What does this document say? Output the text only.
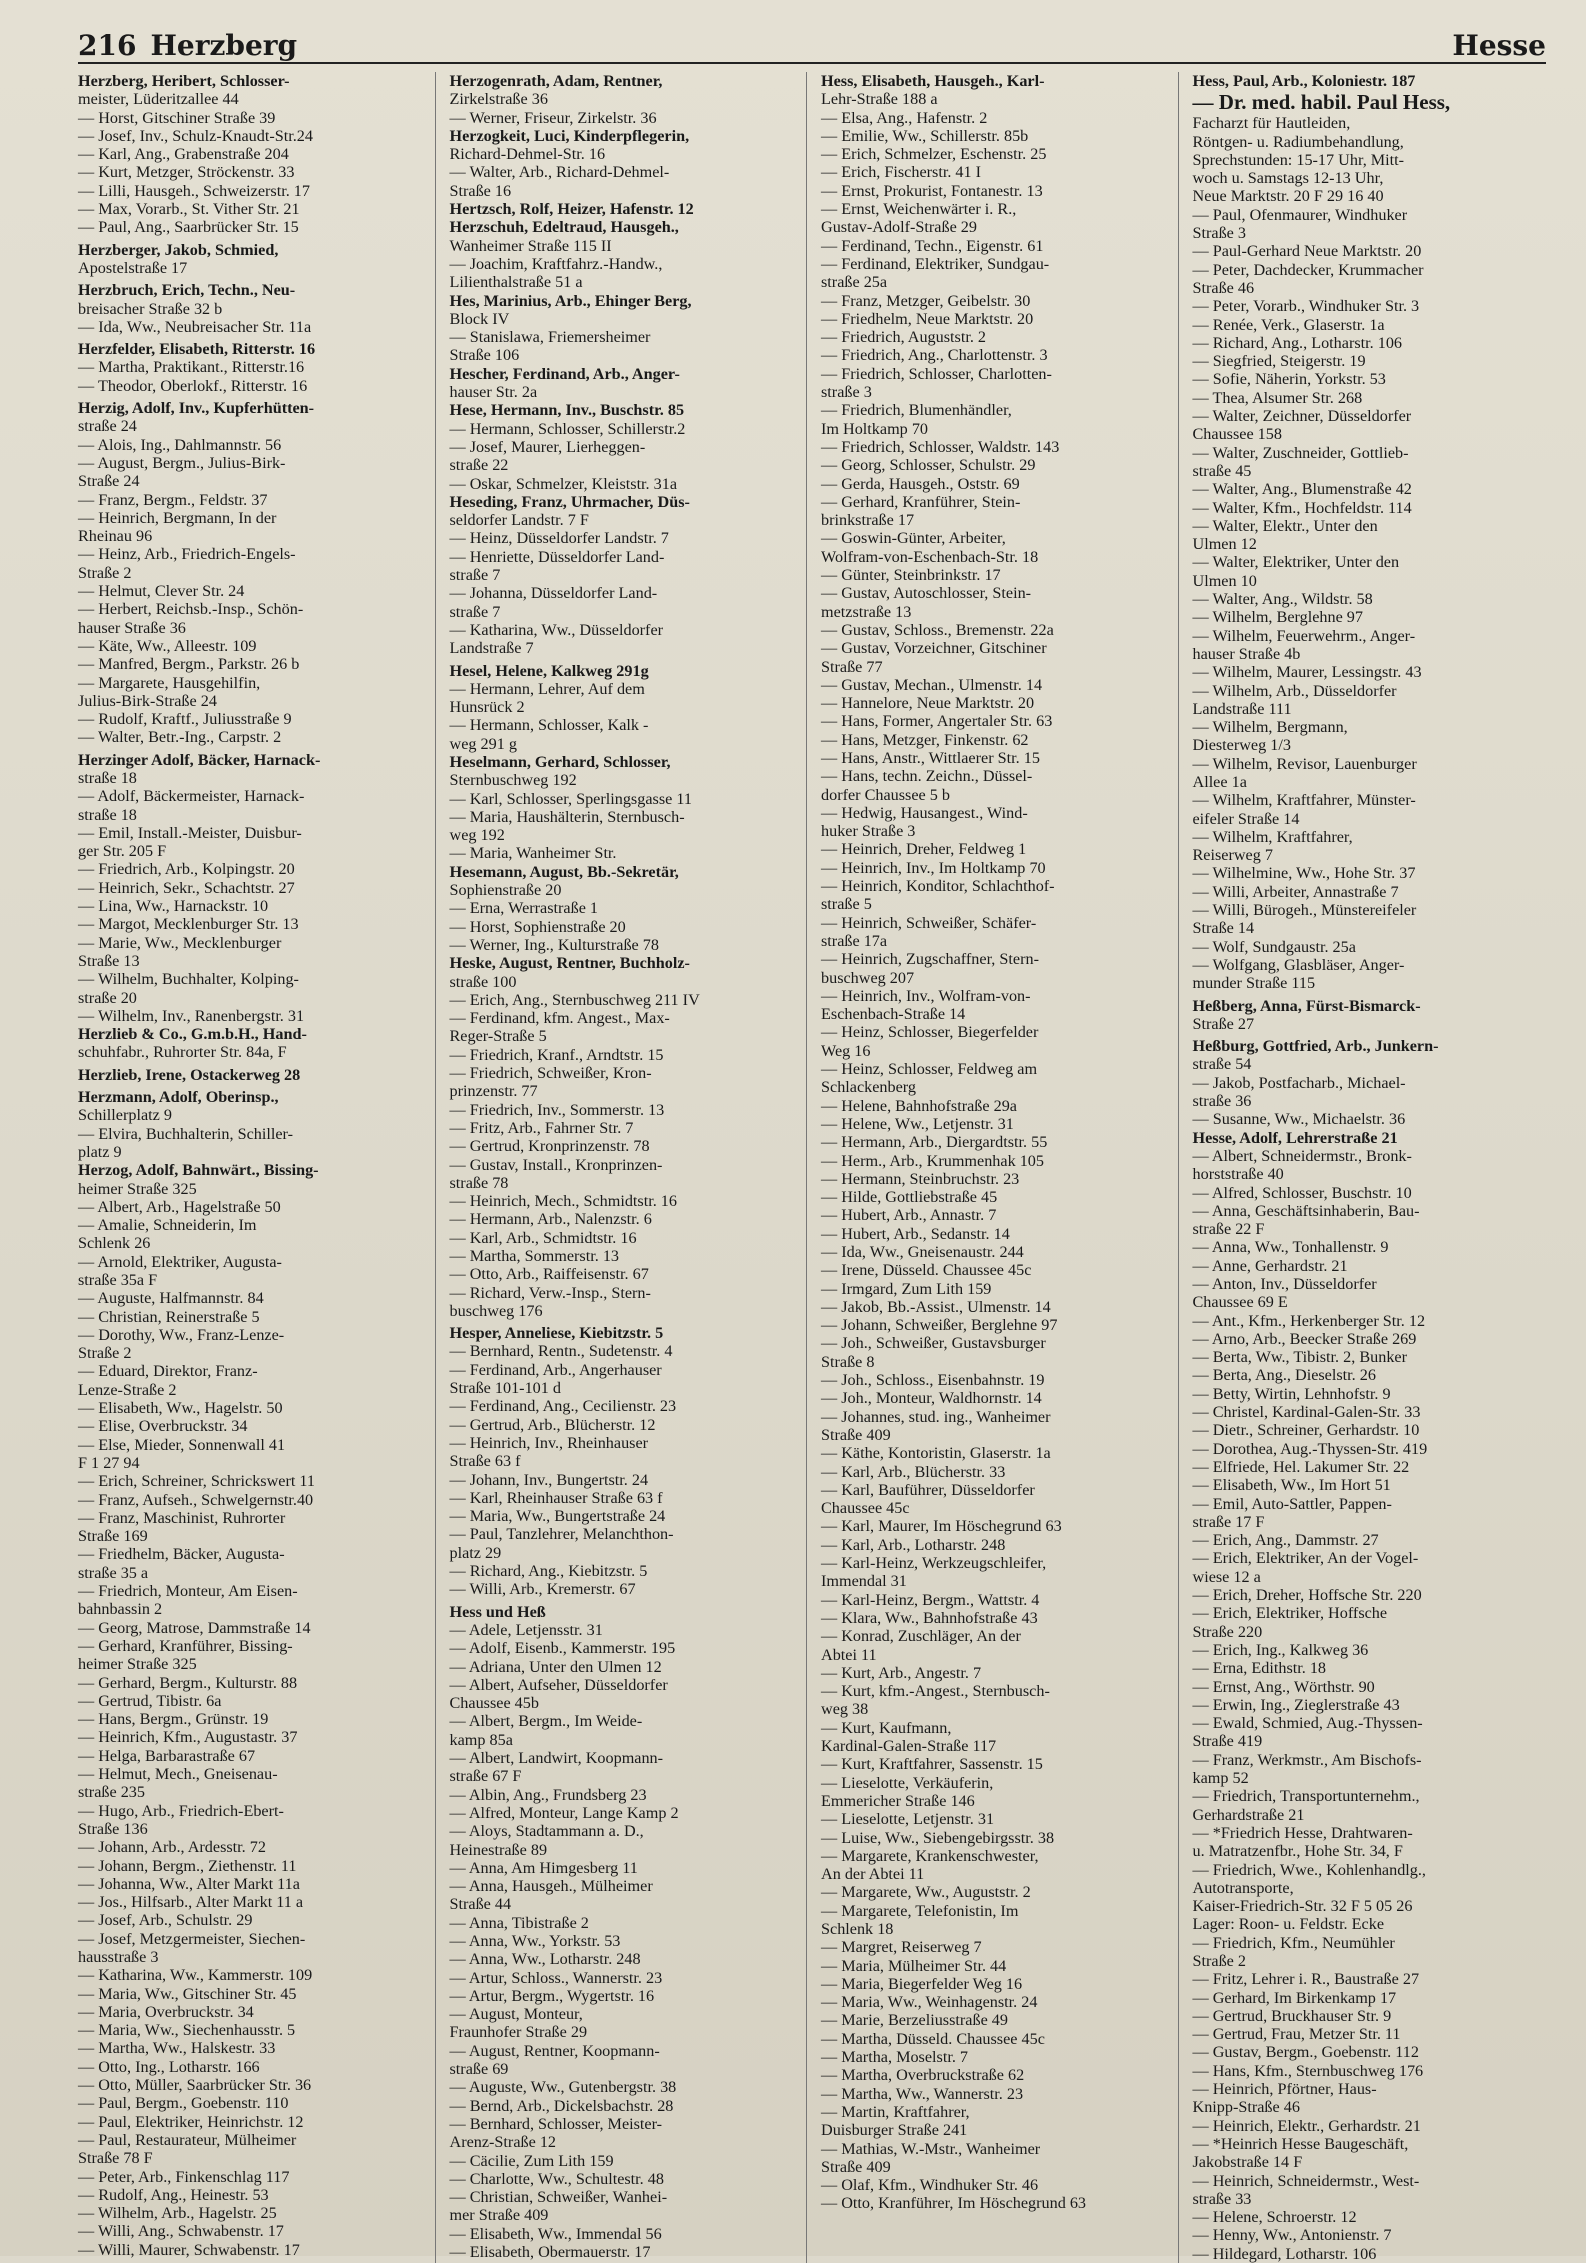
216 Herzberg	Hesse

Herzberg, Heribert, Schlosser-

meister, Lüderitzallee 44

— Horst, Gitschiner Straße 39

— Josef, Inv., Schulz-Knaudt-Str.24

— Karl, Ang., Grabenstraße 204

— Kurt, Metzger, Ströckenstr. 33

— Lilli, Hausgeh., Schweizerstr. 17

— Max, Vorarb., St. Vither Str. 21

— Paul, Ang., Saarbrücker Str. 15

Herzberger, Jakob, Schmied,

Apostelstraße 17

Herzbruch, Erich, Techn., Neu-

breisacher Straße 32 b

— Ida, Ww., Neubreisacher Str. 11a

Herzfelder, Elisabeth, Ritterstr. 16

— Martha, Praktikant., Ritterstr.16

— Theodor, Oberlokf., Ritterstr. 16

Herzig, Adolf, Inv., Kupferhütten-

straße 24

— Alois, Ing., Dahlmannstr. 56

— August, Bergm., Julius-Birk-

Straße 24

— Franz, Bergm., Feldstr. 37

— Heinrich, Bergmann, In der

Rheinau 96

— Heinz, Arb., Friedrich-Engels-

Straße 2

— Helmut, Clever Str. 24

— Herbert, Reichsb.-Insp., Schön-

hauser Straße 36

— Käte, Ww., Alleestr. 109

— Manfred, Bergm., Parkstr. 26 b

— Margarete, Hausgehilfin,

Julius-Birk-Straße 24

— Rudolf, Kraftf., Juliusstraße 9

— Walter, Betr.-Ing., Carpstr. 2

Herzinger Adolf, Bäcker, Harnack-

straße 18

— Adolf, Bäckermeister, Harnack-

straße 18

— Emil, Install.-Meister, Duisbur-

ger Str. 205 F

— Friedrich, Arb., Kolpingstr. 20

— Heinrich, Sekr., Schachtstr. 27

— Lina, Ww., Harnackstr. 10

— Margot, Mecklenburger Str. 13

— Marie, Ww., Mecklenburger

Straße 13

— Wilhelm, Buchhalter, Kolping-

straße 20

— Wilhelm, Inv., Ranenbergstr. 31

Herzlieb & Co., G.m.b.H., Hand-

schuhfabr., Ruhrorter Str. 84a, F

Herzlieb, Irene, Ostackerweg 28

Herzmann, Adolf, Oberinsp.,

Schillerplatz 9

— Elvira, Buchhalterin, Schiller-

platz 9

Herzog, Adolf, Bahnwärt., Bissing-

heimer Straße 325

— Albert, Arb., Hagelstraße 50

— Amalie, Schneiderin, Im

Schlenk 26

— Arnold, Elektriker, Augusta-

straße 35a F

— Auguste, Halfmannstr. 84

— Christian, Reinerstraße 5

— Dorothy, Ww., Franz-Lenze-

Straße 2

— Eduard, Direktor, Franz-

Lenze-Straße 2

— Elisabeth, Ww., Hagelstr. 50

— Elise, Overbruckstr. 34

— Else, Mieder, Sonnenwall 41

F 1 27 94

— Erich, Schreiner, Schrickswert 11

— Franz, Aufseh., Schwelgernstr.40

— Franz, Maschinist, Ruhrorter

Straße 169

— Friedhelm, Bäcker, Augusta-

straße 35 a

— Friedrich, Monteur, Am Eisen-

bahnbassin 2

— Georg, Matrose, Dammstraße 14

— Gerhard, Kranführer, Bissing-

heimer Straße 325

— Gerhard, Bergm., Kulturstr. 88

— Gertrud, Tibistr. 6a

— Hans, Bergm., Grünstr. 19

— Heinrich, Kfm., Augustastr. 37

— Helga, Barbarastraße 67

— Helmut, Mech., Gneisenau-

straße 235

— Hugo, Arb., Friedrich-Ebert-

Straße 136

— Johann, Arb., Ardesstr. 72

— Johann, Bergm., Ziethenstr. 11

— Johanna, Ww., Alter Markt 11a

— Jos., Hilfsarb., Alter Markt 11 a

— Josef, Arb., Schulstr. 29

— Josef, Metzgermeister, Siechen-

hausstraße 3

— Katharina, Ww., Kammerstr. 109

— Maria, Ww., Gitschiner Str. 45

— Maria, Overbruckstr. 34

— Maria, Ww., Siechenhausstr. 5

— Martha, Ww., Halskestr. 33

— Otto, Ing., Lotharstr. 166

— Otto, Müller, Saarbrücker Str. 36

— Paul, Bergm., Goebenstr. 110

— Paul, Elektriker, Heinrichstr. 12

— Paul, Restaurateur, Mülheimer

Straße 78 F

— Peter, Arb., Finkenschlag 117

— Rudolf, Ang., Heinestr. 53

— Wilhelm, Arb., Hagelstr. 25

— Willi, Ang., Schwabenstr. 17

— Willi, Maurer, Schwabenstr. 17

Herzogenrath, Adam, Rentner,

Zirkelstraße 36

— Werner, Friseur, Zirkelstr. 36

Herzogkeit, Luci, Kinderpflegerin,

Richard-Dehmel-Str. 16

— Walter, Arb., Richard-Dehmel-

Straße 16

Hertzsch, Rolf, Heizer, Hafenstr. 12

Herzschuh, Edeltraud, Hausgeh.,

Wanheimer Straße 115 II

— Joachim, Kraftfahrz.-Handw.,

Lilienthalstraße 51 a

Hes, Marinius, Arb., Ehinger Berg,

Block IV

— Stanislawa, Friemersheimer

Straße 106

Hescher, Ferdinand, Arb., Anger-

hauser Str. 2a

Hese, Hermann, Inv., Buschstr. 85

— Hermann, Schlosser, Schillerstr.2

— Josef, Maurer, Lierheggen-

straße 22

— Oskar, Schmelzer, Kleiststr. 31a

Heseding, Franz, Uhrmacher, Düs-

seldorfer Landstr. 7 F

— Heinz, Düsseldorfer Landstr. 7

— Henriette, Düsseldorfer Land-

straße 7

— Johanna, Düsseldorfer Land-

straße 7

— Katharina, Ww., Düsseldorfer

Landstraße 7

Hesel, Helene, Kalkweg 291g

— Hermann, Lehrer, Auf dem

Hunsrück 2

— Hermann, Schlosser, Kalk -

weg 291 g

Heselmann, Gerhard, Schlosser,

Sternbuschweg 192

— Karl, Schlosser, Sperlingsgasse 11

— Maria, Haushälterin, Sternbusch-

weg 192

— Maria, Wanheimer Str.

Hesemann, August, Bb.-Sekretär,

Sophienstraße 20

— Erna, Werrastraße 1

— Horst, Sophienstraße 20

— Werner, Ing., Kulturstraße 78

Heske, August, Rentner, Buchholz-

straße 100

— Erich, Ang., Sternbuschweg 211 IV

— Ferdinand, kfm. Angest., Max-

Reger-Straße 5

— Friedrich, Kranf., Arndtstr. 15

— Friedrich, Schweißer, Kron-

prinzenstr. 77

— Friedrich, Inv., Sommerstr. 13

— Fritz, Arb., Fahrner Str. 7

— Gertrud, Kronprinzenstr. 78

— Gustav, Install., Kronprinzen-

straße 78

— Heinrich, Mech., Schmidtstr. 16

— Hermann, Arb., Nalenzstr. 6

— Karl, Arb., Schmidtstr. 16

— Martha, Sommerstr. 13

— Otto, Arb., Raiffeisenstr. 67

— Richard, Verw.-Insp., Stern-

buschweg 176

Hesper, Anneliese, Kiebitzstr. 5

— Bernhard, Rentn., Sudetenstr. 4

— Ferdinand, Arb., Angerhauser

Straße 101-101 d

— Ferdinand, Ang., Cecilienstr. 23

— Gertrud, Arb., Blücherstr. 12

— Heinrich, Inv., Rheinhauser

Straße 63 f

— Johann, Inv., Bungertstr. 24

— Karl, Rheinhauser Straße 63 f

— Maria, Ww., Bungertstraße 24

— Paul, Tanzlehrer, Melanchthon-

platz 29

— Richard, Ang., Kiebitzstr. 5

— Willi, Arb., Kremerstr. 67

Hess und Heß

— Adele, Letjensstr. 31

— Adolf, Eisenb., Kammerstr. 195

— Adriana, Unter den Ulmen 12

— Albert, Aufseher, Düsseldorfer

Chaussee 45b

— Albert, Bergm., Im Weide-

kamp 85a

— Albert, Landwirt, Koopmann-

straße 67 F

— Albin, Ang., Frundsberg 23

— Alfred, Monteur, Lange Kamp 2

— Aloys, Stadtammann a. D.,

Heinestraße 89

— Anna, Am Himgesberg 11

— Anna, Hausgeh., Mülheimer

Straße 44

— Anna, Tibistraße 2

— Anna, Ww., Yorkstr. 53

— Anna, Ww., Lotharstr. 248

— Artur, Schloss., Wannerstr. 23

— Artur, Bergm., Wygertstr. 16

— August, Monteur,

Fraunhofer Straße 29

— August, Rentner, Koopmann-

straße 69

— Auguste, Ww., Gutenbergstr. 38

— Bernd, Arb., Dickelsbachstr. 28

— Bernhard, Schlosser, Meister-

Arenz-Straße 12

— Cäcilie, Zum Lith 159

— Charlotte, Ww., Schultestr. 48

— Christian, Schweißer, Wanhei-

mer Straße 409

— Elisabeth, Ww., Immendal 56

— Elisabeth, Obermauerstr. 17

Hess, Elisabeth, Hausgeh., Karl-

Lehr-Straße 188 a

— Elsa, Ang., Hafenstr. 2

— Emilie, Ww., Schillerstr. 85b

— Erich, Schmelzer, Eschenstr. 25

— Erich, Fischerstr. 41 I

— Ernst, Prokurist, Fontanestr. 13

— Ernst, Weichenwärter i. R.,

Gustav-Adolf-Straße 29

— Ferdinand, Techn., Eigenstr. 61

— Ferdinand, Elektriker, Sundgau-

straße 25a

— Franz, Metzger, Geibelstr. 30

— Friedhelm, Neue Marktstr. 20

— Friedrich, Auguststr. 2

— Friedrich, Ang., Charlottenstr. 3

— Friedrich, Schlosser, Charlotten-

straße 3

— Friedrich, Blumenhändler,

Im Holtkamp 70

— Friedrich, Schlosser, Waldstr. 143

— Georg, Schlosser, Schulstr. 29

— Gerda, Hausgeh., Oststr. 69

— Gerhard, Kranführer, Stein-

brinkstraße 17

— Goswin-Günter, Arbeiter,

Wolfram-von-Eschenbach-Str. 18

— Günter, Steinbrinkstr. 17

— Gustav, Autoschlosser, Stein-

metzstraße 13

— Gustav, Schloss., Bremenstr. 22a

— Gustav, Vorzeichner, Gitschiner

Straße 77

— Gustav, Mechan., Ulmenstr. 14

— Hannelore, Neue Marktstr. 20

— Hans, Former, Angertaler Str. 63

— Hans, Metzger, Finkenstr. 62

— Hans, Anstr., Wittlaerer Str. 15

— Hans, techn. Zeichn., Düssel-

dorfer Chaussee 5 b

— Hedwig, Hausangest., Wind-

huker Straße 3

— Heinrich, Dreher, Feldweg 1

— Heinrich, Inv., Im Holtkamp 70

— Heinrich, Konditor, Schlachthof-

straße 5

— Heinrich, Schweißer, Schäfer-

straße 17a

— Heinrich, Zugschaffner, Stern-

buschweg 207

— Heinrich, Inv., Wolfram-von-

Eschenbach-Straße 14

— Heinz, Schlosser, Biegerfelder

Weg 16

— Heinz, Schlosser, Feldweg am

Schlackenberg

— Helene, Bahnhofstraße 29a

— Helene, Ww., Letjenstr. 31

— Hermann, Arb., Diergardtstr. 55

— Herm., Arb., Krummenhak 105

— Hermann, Steinbruchstr. 23

— Hilde, Gottliebstraße 45

— Hubert, Arb., Annastr. 7

— Hubert, Arb., Sedanstr. 14

— Ida, Ww., Gneisenaustr. 244

— Irene, Düsseld. Chaussee 45c

— Irmgard, Zum Lith 159

— Jakob, Bb.-Assist., Ulmenstr. 14

— Johann, Schweißer, Berglehne 97

— Joh., Schweißer, Gustavsburger

Straße 8

— Joh., Schloss., Eisenbahnstr. 19

— Joh., Monteur, Waldhornstr. 14

— Johannes, stud. ing., Wanheimer

Straße 409

— Käthe, Kontoristin, Glaserstr. 1a

— Karl, Arb., Blücherstr. 33

— Karl, Bauführer, Düsseldorfer

Chaussee 45c

— Karl, Maurer, Im Höschegrund 63

— Karl, Arb., Lotharstr. 248

— Karl-Heinz, Werkzeugschleifer,

Immendal 31

— Karl-Heinz, Bergm., Wattstr. 4

— Klara, Ww., Bahnhofstraße 43

— Konrad, Zuschläger, An der

Abtei 11

— Kurt, Arb., Angestr. 7

— Kurt, kfm.-Angest., Sternbusch-

weg 38

— Kurt, Kaufmann,

Kardinal-Galen-Straße 117

— Kurt, Kraftfahrer, Sassenstr. 15

— Lieselotte, Verkäuferin,

Emmericher Straße 146

— Lieselotte, Letjenstr. 31

— Luise, Ww., Siebengebirgsstr. 38

— Margarete, Krankenschwester,

An der Abtei 11

— Margarete, Ww., Auguststr. 2

— Margarete, Telefonistin, Im

Schlenk 18

— Margret, Reiserweg 7

— Maria, Mülheimer Str. 44

— Maria, Biegerfelder Weg 16

— Maria, Ww., Weinhagenstr. 24

— Marie, Berzeliusstraße 49

— Martha, Düsseld. Chaussee 45c

— Martha, Moselstr. 7

— Martha, Overbruckstraße 62

— Martha, Ww., Wannerstr. 23

— Martin, Kraftfahrer,

Duisburger Straße 241

— Mathias, W.-Mstr., Wanheimer

Straße 409

— Olaf, Kfm., Windhuker Str. 46

— Otto, Kranführer, Im Höschegrund 63

Hess, Paul, Arb., Koloniestr. 187

— Dr. med. habil. Paul Hess,

Facharzt für Hautleiden,

Röntgen- u. Radiumbehandlung,

Sprechstunden: 15-17 Uhr, Mitt-

woch u. Samstags 12-13 Uhr,

Neue Marktstr. 20 F 29 16 40

— Paul, Ofenmaurer, Windhuker

Straße 3

— Paul-Gerhard Neue Marktstr. 20

— Peter, Dachdecker, Krummacher

Straße 46

— Peter, Vorarb., Windhuker Str. 3

— Renée, Verk., Glaserstr. 1a

— Richard, Ang., Lotharstr. 106

— Siegfried, Steigerstr. 19

— Sofie, Näherin, Yorkstr. 53

— Thea, Alsumer Str. 268

— Walter, Zeichner, Düsseldorfer

Chaussee 158

— Walter, Zuschneider, Gottlieb-

straße 45

— Walter, Ang., Blumenstraße 42

— Walter, Kfm., Hochfeldstr. 114

— Walter, Elektr., Unter den

Ulmen 12

— Walter, Elektriker, Unter den

Ulmen 10

— Walter, Ang., Wildstr. 58

— Wilhelm, Berglehne 97

— Wilhelm, Feuerwehrm., Anger-

hauser Straße 4b

— Wilhelm, Maurer, Lessingstr. 43

— Wilhelm, Arb., Düsseldorfer

Landstraße 111

— Wilhelm, Bergmann,

Diesterweg 1/3

— Wilhelm, Revisor, Lauenburger

Allee 1a

— Wilhelm, Kraftfahrer, Münster-

eifeler Straße 14

— Wilhelm, Kraftfahrer,

Reiserweg 7

— Wilhelmine, Ww., Hohe Str. 37

— Willi, Arbeiter, Annastraße 7

— Willi, Bürogeh., Münstereifeler

Straße 14

— Wolf, Sundgaustr. 25a

— Wolfgang, Glasbläser, Anger-

munder Straße 115

Heßberg, Anna, Fürst-Bismarck-

Straße 27

Heßburg, Gottfried, Arb., Junkern-

straße 54

— Jakob, Postfacharb., Michael-

straße 36

— Susanne, Ww., Michaelstr. 36

Hesse, Adolf, Lehrerstraße 21

— Albert, Schneidermstr., Bronk-

horststraße 40

— Alfred, Schlosser, Buschstr. 10

— Anna, Geschäftsinhaberin, Bau-

straße 22 F

— Anna, Ww., Tonhallenstr. 9

— Anne, Gerhardstr. 21

— Anton, Inv., Düsseldorfer

Chaussee 69 E

— Ant., Kfm., Herkenberger Str. 12

— Arno, Arb., Beecker Straße 269

— Berta, Ww., Tibistr. 2, Bunker

— Berta, Ang., Dieselstr. 26

— Betty, Wirtin, Lehnhofstr. 9

— Christel, Kardinal-Galen-Str. 33

— Dietr., Schreiner, Gerhardstr. 10

— Dorothea, Aug.-Thyssen-Str. 419

— Elfriede, Hel. Lakumer Str. 22

— Elisabeth, Ww., Im Hort 51

— Emil, Auto-Sattler, Pappen-

straße 17 F

— Erich, Ang., Dammstr. 27

— Erich, Elektriker, An der Vogel-

wiese 12 a

— Erich, Dreher, Hoffsche Str. 220

— Erich, Elektriker, Hoffsche

Straße 220

— Erich, Ing., Kalkweg 36

— Erna, Edithstr. 18

— Ernst, Ang., Wörthstr. 90

— Erwin, Ing., Zieglerstraße 43

— Ewald, Schmied, Aug.-Thyssen-

Straße 419

— Franz, Werkmstr., Am Bischofs-

kamp 52

— Friedrich, Transportunternehm.,

Gerhardstraße 21

— *Friedrich Hesse, Drahtwaren-

u. Matratzenfbr., Hohe Str. 34, F

— Friedrich, Wwe., Kohlenhandlg.,

Autotransporte,

Kaiser-Friedrich-Str. 32 F 5 05 26

Lager: Roon- u. Feldstr. Ecke

— Friedrich, Kfm., Neumühler

Straße 2

— Fritz, Lehrer i. R., Baustraße 27

— Gerhard, Im Birkenkamp 17

— Gertrud, Bruckhauser Str. 9

— Gertrud, Frau, Metzer Str. 11

— Gustav, Bergm., Goebenstr. 112

— Hans, Kfm., Sternbuschweg 176

— Heinrich, Pförtner, Haus-

Knipp-Straße 46

— Heinrich, Elektr., Gerhardstr. 21

— *Heinrich Hesse Baugeschäft,

Jakobstraße 14 F

— Heinrich, Schneidermstr., West-

straße 33

— Helene, Schroerstr. 12

— Henny, Ww., Antonienstr. 7

— Hildegard, Lotharstr. 106
